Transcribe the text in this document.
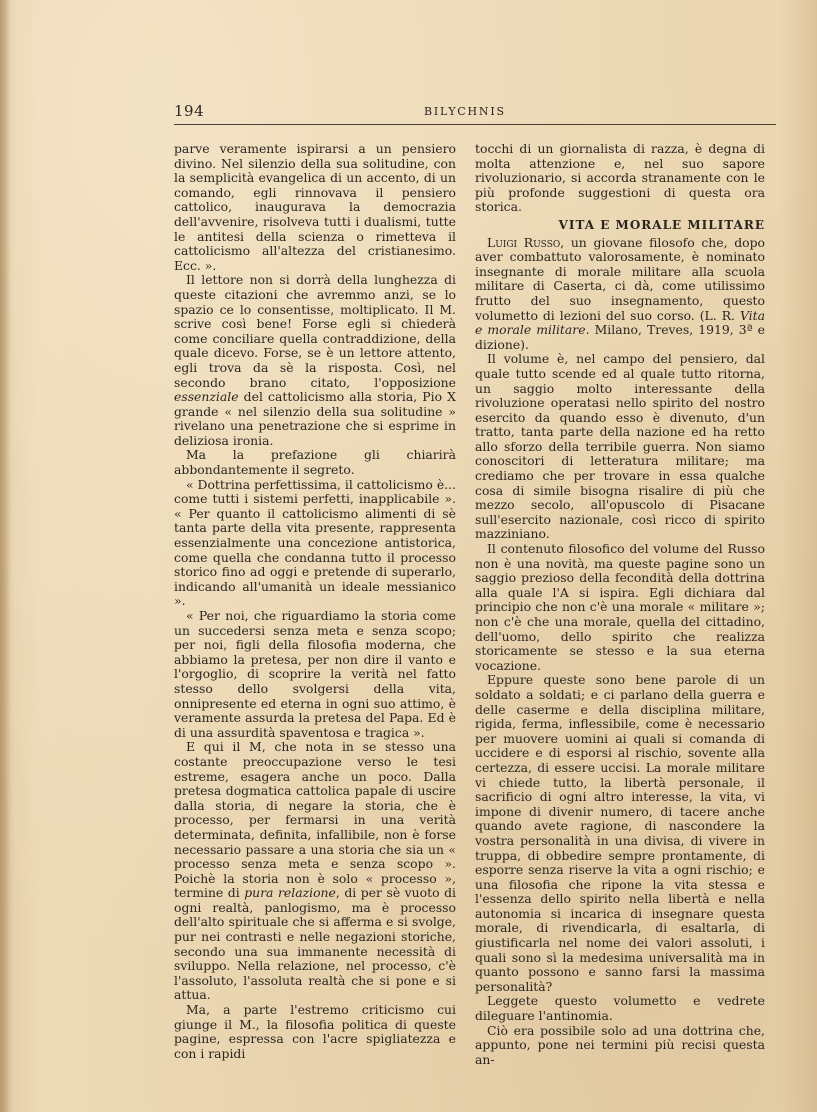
194	BILYCHNIS

parve veramente ispirarsi a un pensiero divino. Nel silenzio della sua solitudine, con la semplicità evangelica di un accento, di un comando, egli rinnovava il pensiero cattolico, inaugurava la democrazia dell'avvenire, risolveva tutti i dualismi, tutte le antitesi della scienza o rimetteva il cattolicismo all'altezza del cristianesimo. Ecc. ».

Il lettore non si dorrà della lunghezza di queste citazioni che avremmo anzi, se lo spazio ce lo consentisse, moltiplicato. Il M. scrive così bene! Forse egli si chiederà come conciliare quella contraddizione, della quale dicevo. Forse, se è un lettore attento, egli trova da sè la risposta. Così, nel secondo brano citato, l'opposizione essenziale del cattolicismo alla storia, Pio X grande « nel silenzio della sua solitudine » rivelano una penetrazione che si esprime in deliziosa ironia.

Ma la prefazione gli chiarirà abbondantemente il segreto.

« Dottrina perfettissima, il cattolicismo è... come tutti i sistemi perfetti, inapplicabile ». « Per quanto il cattolicismo alimenti di sè tanta parte della vita presente, rappresenta essenzialmente una concezione antistorica, come quella che condanna tutto il processo storico fino ad oggi e pretende di superarlo, indicando all'umanità un ideale messianico ».

« Per noi, che riguardiamo la storia come un succedersi senza meta e senza scopo; per noi, figli della filosofia moderna, che abbiamo la pretesa, per non dire il vanto e l'orgoglio, di scoprire la verità nel fatto stesso dello svolgersi della vita, onnipresente ed eterna in ogni suo attimo, è veramente assurda la pretesa del Papa. Ed è di una assurdità spaventosa e tragica ».

E qui il M, che nota in se stesso una costante preoccupazione verso le tesi estreme, esagera anche un poco. Dalla pretesa dogmatica cattolica papale di uscire dalla storia, di negare la storia, che è processo, per fermarsi in una verità determinata, definita, infallibile, non è forse necessario passare a una storia che sia un « processo senza meta e senza scopo ». Poichè la storia non è solo « processo », termine di pura relazione, di per sè vuoto di ogni realtà, panlogismo, ma è processo dell'alto spirituale che si afferma e si svolge, pur nei contrasti e nelle negazioni storiche, secondo una sua immanente necessità di sviluppo. Nella relazione, nel processo, c'è l'assoluto, l'assoluta realtà che si pone e si attua.

Ma, a parte l'estremo criticismo cui giunge il M., la filosofia politica di queste pagine, espressa con l'acre spigliatezza e con i rapidi

tocchi di un giornalista di razza, è degna di molta attenzione e, nel suo sapore rivoluzionario, si accorda stranamente con le più profonde suggestioni di questa ora storica.

VITA E MORALE MILITARE

Luigi Russo, un giovane filosofo che, dopo aver combattuto valorosamente, è nominato insegnante di morale militare alla scuola militare di Caserta, ci dà, come utilissimo frutto del suo insegnamento, questo volumetto di lezioni del suo corso. (L. R. Vita e morale militare. Milano, Treves, 1919, 3ª e dizione).

Il volume è, nel campo del pensiero, dal quale tutto scende ed al quale tutto ritorna, un saggio molto interessante della rivoluzione operatasi nello spirito del nostro esercito da quando esso è divenuto, d'un tratto, tanta parte della nazione ed ha retto allo sforzo della terribile guerra. Non siamo conoscitori di letteratura militare; ma crediamo che per trovare in essa qualche cosa di simile bisogna risalire di più che mezzo secolo, all'opuscolo di Pisacane sull'esercito nazionale, così ricco di spirito mazziniano.

Il contenuto filosofico del volume del Russo non è una novità, ma queste pagine sono un saggio prezioso della fecondità della dottrina alla quale l'A si ispira. Egli dichiara dal principio che non c'è una morale « militare »; non c'è che una morale, quella del cittadino, dell'uomo, dello spirito che realizza storicamente se stesso e la sua eterna vocazione.

Eppure queste sono bene parole di un soldato a soldati; e ci parlano della guerra e delle caserme e della disciplina militare, rigida, ferma, inflessibile, come è necessario per muovere uomini ai quali si comanda di uccidere e di esporsi al rischio, sovente alla certezza, di essere uccisi. La morale militare vi chiede tutto, la libertà personale, il sacrificio di ogni altro interesse, la vita, vi impone di divenir numero, di tacere anche quando avete ragione, di nascondere la vostra personalità in una divisa, di vivere in truppa, di obbedire sempre prontamente, di esporre senza riserve la vita a ogni rischio; e una filosofia che ripone la vita stessa e l'essenza dello spirito nella libertà e nella autonomia si incarica di insegnare questa morale, di rivendicarla, di esaltarla, di giustificarla nel nome dei valori assoluti, i quali sono sì la medesima universalità ma in quanto possono e sanno farsi la massima personalità?

Leggete questo volumetto e vedrete dileguare l'antinomia.

Ciò era possibile solo ad una dottrina che, appunto, pone nei termini più recisi questa an-
